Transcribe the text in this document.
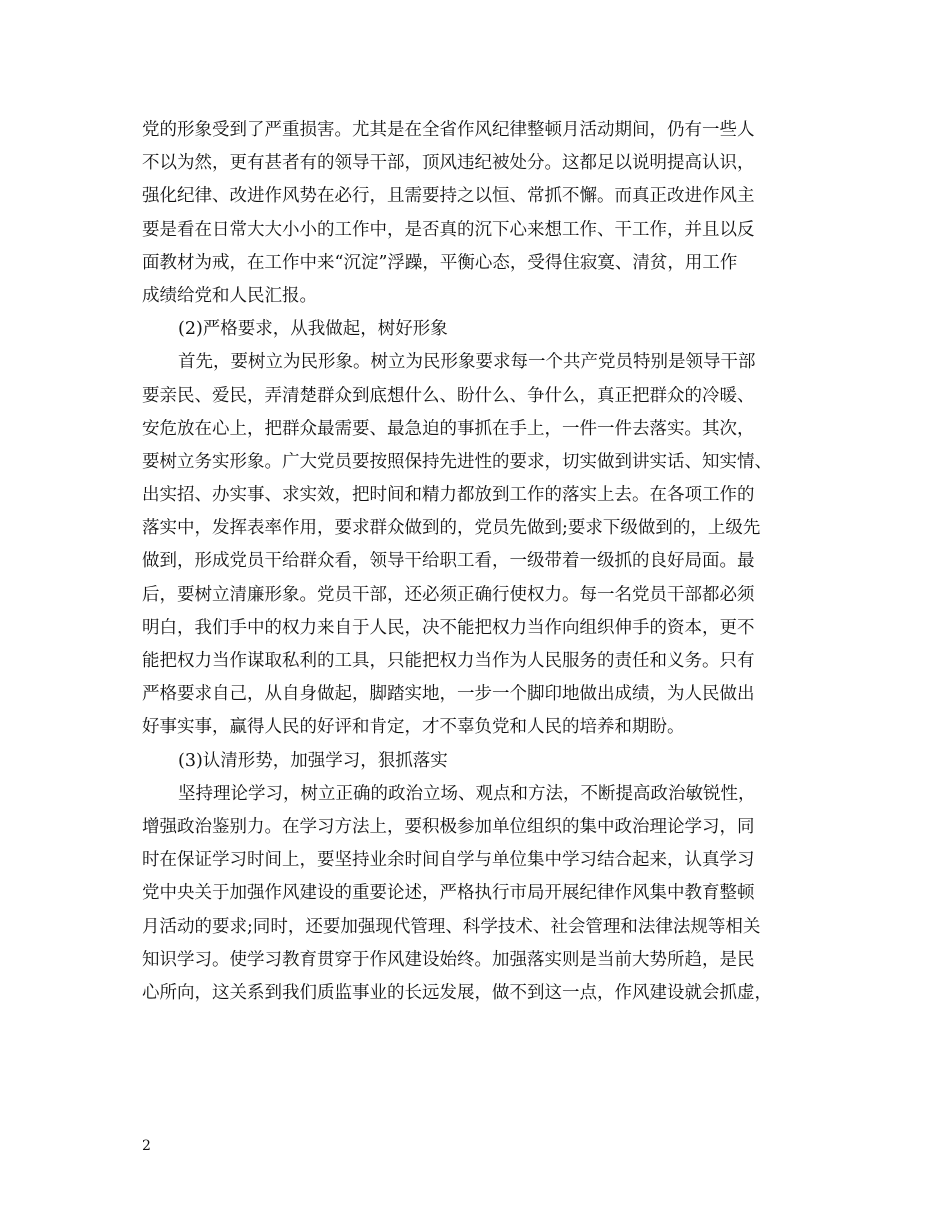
党的形象受到了严重损害。尤其是在全省作风纪律整顿月活动期间，仍有一些人
不以为然，更有甚者有的领导干部，顶风违纪被处分。这都足以说明提高认识，
强化纪律、改进作风势在必行，且需要持之以恒、常抓不懈。而真正改进作风主
要是看在日常大大小小的工作中，是否真的沉下心来想工作、干工作，并且以反
面教材为戒，在工作中来“沉淀”浮躁，平衡心态，受得住寂寞、清贫，用工作
成绩给党和人民汇报。
(2)严格要求，从我做起，树好形象
首先，要树立为民形象。树立为民形象要求每一个共产党员特别是领导干部
要亲民、爱民，弄清楚群众到底想什么、盼什么、争什么，真正把群众的冷暖、
安危放在心上，把群众最需要、最急迫的事抓在手上，一件一件去落实。其次，
要树立务实形象。广大党员要按照保持先进性的要求，切实做到讲实话、知实情、
出实招、办实事、求实效，把时间和精力都放到工作的落实上去。在各项工作的
落实中，发挥表率作用，要求群众做到的，党员先做到;要求下级做到的，上级先
做到，形成党员干给群众看，领导干给职工看，一级带着一级抓的良好局面。最
后，要树立清廉形象。党员干部，还必须正确行使权力。每一名党员干部都必须
明白，我们手中的权力来自于人民，决不能把权力当作向组织伸手的资本，更不
能把权力当作谋取私利的工具，只能把权力当作为人民服务的责任和义务。只有
严格要求自己，从自身做起，脚踏实地，一步一个脚印地做出成绩，为人民做出
好事实事，赢得人民的好评和肯定，才不辜负党和人民的培养和期盼。
(3)认清形势，加强学习，狠抓落实
坚持理论学习，树立正确的政治立场、观点和方法，不断提高政治敏锐性，
增强政治鉴别力。在学习方法上，要积极参加单位组织的集中政治理论学习，同
时在保证学习时间上，要坚持业余时间自学与单位集中学习结合起来，认真学习
党中央关于加强作风建设的重要论述，严格执行市局开展纪律作风集中教育整顿
月活动的要求;同时，还要加强现代管理、科学技术、社会管理和法律法规等相关
知识学习。使学习教育贯穿于作风建设始终。加强落实则是当前大势所趋，是民
心所向，这关系到我们质监事业的长远发展，做不到这一点，作风建设就会抓虚，
2
